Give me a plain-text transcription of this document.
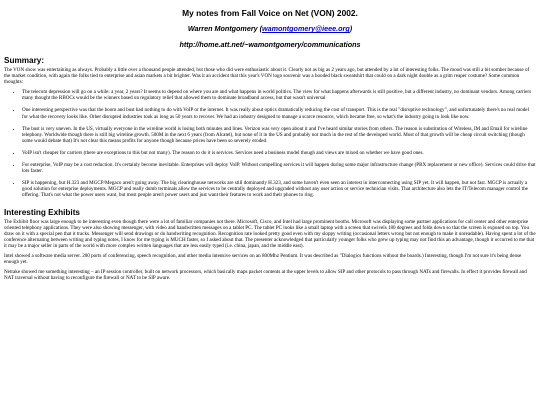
My notes from Fall Voice on Net (VON) 2002.
Warren Montgomery (wamontgomery@ieee.org)
http://home.att.net/~wamontgomery/communications
Summary:

The VON show was entertaining as always. Probably a little over a thousand people attended, but those who did were enthusiastic about it. Clearly not as big as 2 years ago, but attended by a lot of interesting folks. The mood was still a bit somber because of the market condition, with again the folks tied to enterprise and asian markets a bit brighter. Was it an accident that this year's VON logo souvenir was a hooded black sweatshirt that could on a dark night double as a grim reaper costume? Some common thoughts:

• The telecom depression will go on a while: a year, 2 years? It seems to depend on where you are and what happens in world politics. The view for what happens afterwards is still positive, but a different industry, no dominant vendors. Among carriers many thought the RBOCs would be the winners based on regulatory relief that allowed them to dominate broadband access, but that wasn't universal
• One interesting perspective was that the boom and bust had nothing to do with VoIP or the internet. It was really about optics dramatically reducing the cost of transport. This is the real "disruptive technology", and unfortunately there's no real model for what the recovery looks like. Other disrupted industries took as long as 50 years to recover. We had an industry designed to manage a scarce resource, which became free, so what's the industry going to look like now.
• The bust is very uneven. In the US, virtually everyone in the wireline world is losing both minutes and lines. Verizon was very open about it and I've heard similar stories from others. The reason is substitution of Wireless, IM and Email for wireline telephony. Worldwide though there is still big wireline growth. 500M in the next 6 years (from Alcatel), but none of it in the US and probably not much in the rest of the developed world. Most of that growth will be cheap circuit switching (though some would debate that) It's not clear this means profits for anyone though because prices have been so severely eroded.
• VoIP isn't cheaper for carriers (there are exceptions to this but not many). The reason to do it is services. Services need a business model though and views are mixed on whether we have good ones.
• For enterprise, VoIP may be a cost reduction. It's certainly become inevitable. Enterprises will deploy VoIP. Without compelling services it will happen during some major infrastructure change (PBX replacement or new office). Services could drive that lots faster.
• SIP is happening, but H.323 and MGCP/Megaco aren't going away. The big clearinghouse networks are still dominantly H.323, and some haven't even seen an interest in interconnecting using SIP yet. It will happen, but not fast. MGCP is actually a good solution for enterprise deployments. MGCP and really dumb terminals allow the services to be centrally deployed and upgraded without any user action or service technician visits. That architecture also lets the IT/Telecom manager control the offering. That's not what the power users want, but most people aren't power users and just want their features to work and their phones to ring.
Interesting Exhibits

The Exhibit floor was large enough to be interesting even though there were a lot of familiar companies not there. Microsoft, Cisco, and Intel had large prominent booths. Microsoft was displaying some partner applications for call center and other enterprise oriented telephony applications. They were also showing messenger, with video and handwritten messages on a tablet PC. The tablet PC looks like a small laptop with a screen that swivels 180 degrees and folds down so that the screen is exposed on top. You draw on it with a special pen that it tracks. Messenger will send drawings or do handwriting recognition. Recognition rate looked pretty good even with my sloppy writing (occasional letters wrong but not enough to make it unreadable). Having spent a lot of the conference alternating between writing and typing notes, I know for me typing is MUCH faster, so I asked about that. The presenter acknowledged that particularly younger folks who grew up typing may not find this an advantage, though it occurred to me that it may be a major seller in parts of the world with more complex written languages that are less easily typed (i.e. china, japan, and the middle east).

Intel showed a software media server. 200 ports of conferencing, speech recognition, and other media intensive services on an 800Mhz Pentium. It was described as "Dialogics functions without the boards.) Interesting, though I'm not sure it's being dense enough yet.

Netrake showed me something interesting – an IP session controller, built on network processors, which basically maps packet contents at the upper levels to allow SIP and other protocols to pass through NATs and firewalls. In effect it provides firewall and NAT traversal without having to reconfigure the firewall or NAT to be SIP aware.
